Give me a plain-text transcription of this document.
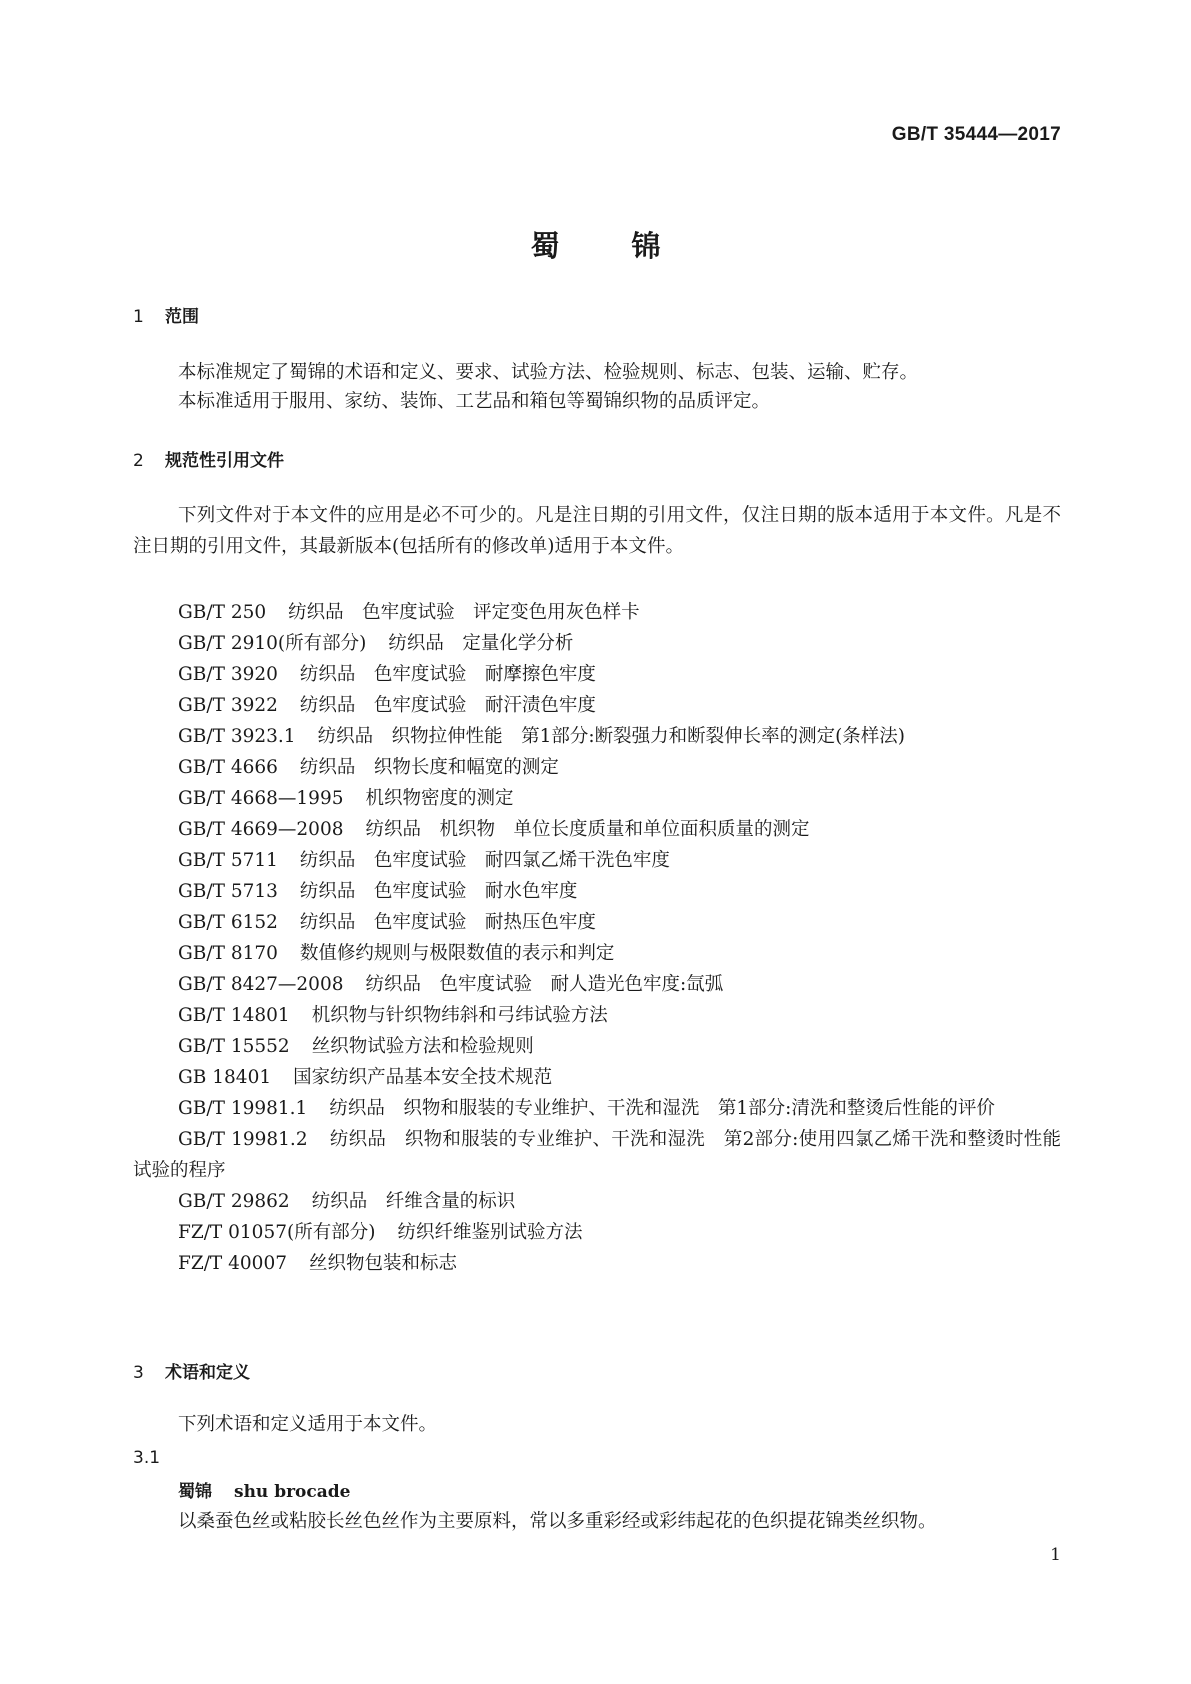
GB/T 35444—2017
蜀锦
1 范围
本标准规定了蜀锦的术语和定义、要求、试验方法、检验规则、标志、包装、运输、贮存。
本标准适用于服用、家纺、装饰、工艺品和箱包等蜀锦织物的品质评定。
2 规范性引用文件
下列文件对于本文件的应用是必不可少的。凡是注日期的引用文件，仅注日期的版本适用于本文件。凡是不注日期的引用文件，其最新版本(包括所有的修改单)适用于本文件。
GB/T 250 纺织品　色牢度试验　评定变色用灰色样卡
GB/T 2910(所有部分) 纺织品　定量化学分析
GB/T 3920 纺织品　色牢度试验　耐摩擦色牢度
GB/T 3922 纺织品　色牢度试验　耐汗渍色牢度
GB/T 3923.1 纺织品　织物拉伸性能　第1部分:断裂强力和断裂伸长率的测定(条样法)
GB/T 4666 纺织品　织物长度和幅宽的测定
GB/T 4668—1995 机织物密度的测定
GB/T 4669—2008 纺织品　机织物　单位长度质量和单位面积质量的测定
GB/T 5711 纺织品　色牢度试验　耐四氯乙烯干洗色牢度
GB/T 5713 纺织品　色牢度试验　耐水色牢度
GB/T 6152 纺织品　色牢度试验　耐热压色牢度
GB/T 8170 数值修约规则与极限数值的表示和判定
GB/T 8427—2008 纺织品　色牢度试验　耐人造光色牢度:氙弧
GB/T 14801 机织物与针织物纬斜和弓纬试验方法
GB/T 15552 丝织物试验方法和检验规则
GB 18401 国家纺织产品基本安全技术规范
GB/T 19981.1 纺织品　织物和服装的专业维护、干洗和湿洗　第1部分:清洗和整烫后性能的评价
GB/T 19981.2 纺织品　织物和服装的专业维护、干洗和湿洗　第2部分:使用四氯乙烯干洗和整烫时性能试验的程序
GB/T 29862 纺织品　纤维含量的标识
FZ/T 01057(所有部分) 纺织纤维鉴别试验方法
FZ/T 40007 丝织物包装和标志
3 术语和定义
下列术语和定义适用于本文件。
3.1
蜀锦 shu brocade
以桑蚕色丝或粘胶长丝色丝作为主要原料，常以多重彩经或彩纬起花的色织提花锦类丝织物。
1
